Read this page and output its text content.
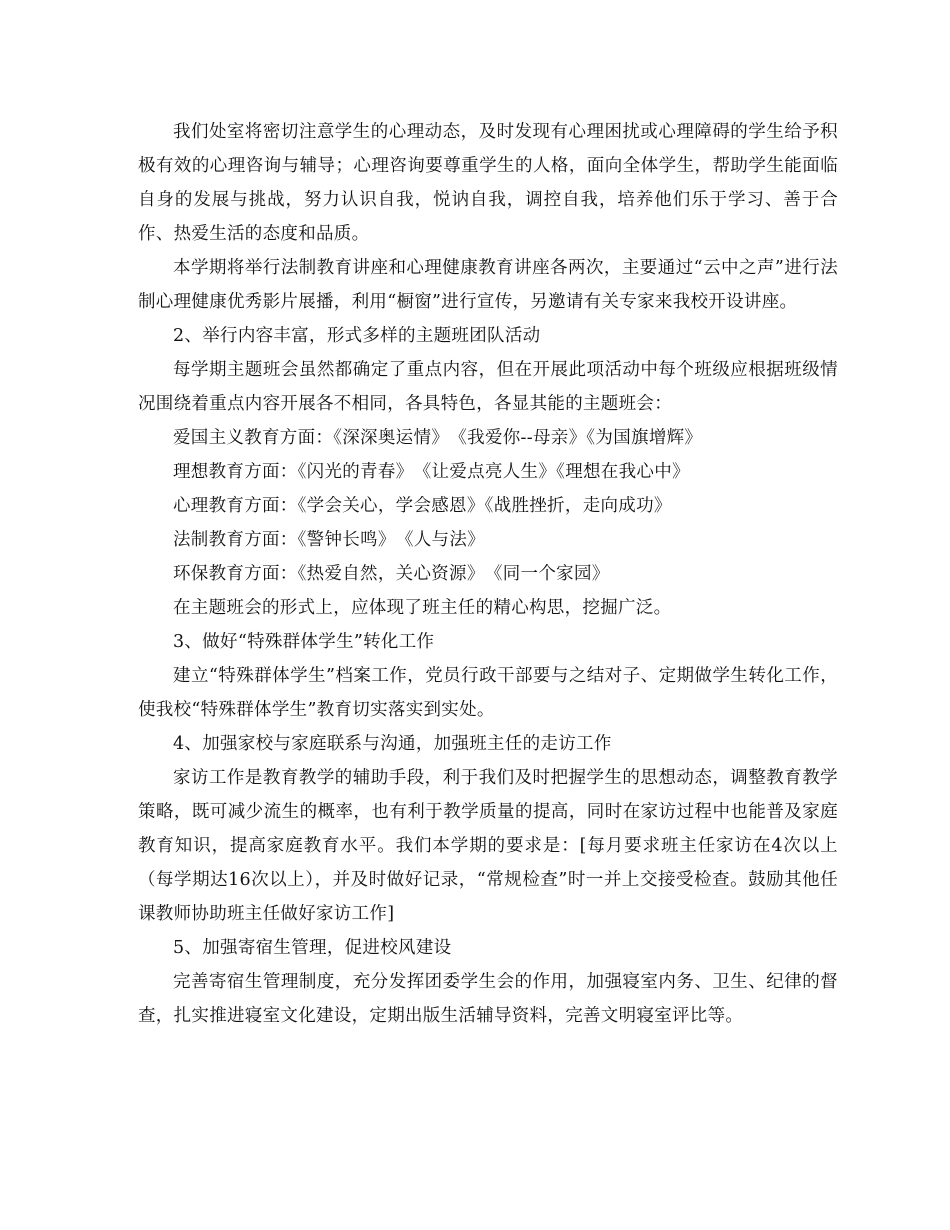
我们处室将密切注意学生的心理动态，及时发现有心理困扰或心理障碍的学生给予积极有效的心理咨询与辅导；心理咨询要尊重学生的人格，面向全体学生，帮助学生能面临自身的发展与挑战，努力认识自我，悦讷自我，调控自我，培养他们乐于学习、善于合作、热爱生活的态度和品质。

本学期将举行法制教育讲座和心理健康教育讲座各两次，主要通过“云中之声”进行法制心理健康优秀影片展播，利用“橱窗”进行宣传，另邀请有关专家来我校开设讲座。

2、举行内容丰富，形式多样的主题班团队活动

每学期主题班会虽然都确定了重点内容，但在开展此项活动中每个班级应根据班级情况围绕着重点内容开展各不相同，各具特色，各显其能的主题班会：

爱国主义教育方面：《深深奥运情》　《我爱你--母亲》《为国旗增辉》

理想教育方面：《闪光的青春》　《让爱点亮人生》《理想在我心中》

心理教育方面：《学会关心，学会感恩》《战胜挫折，走向成功》

法制教育方面：《警钟长鸣》　《人与法》

环保教育方面：《热爱自然，关心资源》　《同一个家园》

在主题班会的形式上，应体现了班主任的精心构思，挖掘广泛。

3、做好“特殊群体学生”转化工作

建立“特殊群体学生”档案工作，党员行政干部要与之结对子、定期做学生转化工作，使我校“特殊群体学生”教育切实落实到实处。

4、加强家校与家庭联系与沟通，加强班主任的走访工作

家访工作是教育教学的辅助手段，利于我们及时把握学生的思想动态，调整教育教学策略，既可减少流生的概率，也有利于教学质量的提高，同时在家访过程中也能普及家庭教育知识，提高家庭教育水平。我们本学期的要求是：[每月要求班主任家访在4次以上（每学期达16次以上），并及时做好记录，“常规检查”时一并上交接受检查。鼓励其他任课教师协助班主任做好家访工作]

5、加强寄宿生管理，促进校风建设

完善寄宿生管理制度，充分发挥团委学生会的作用，加强寝室内务、卫生、纪律的督查，扎实推进寝室文化建设，定期出版生活辅导资料，完善文明寝室评比等。
